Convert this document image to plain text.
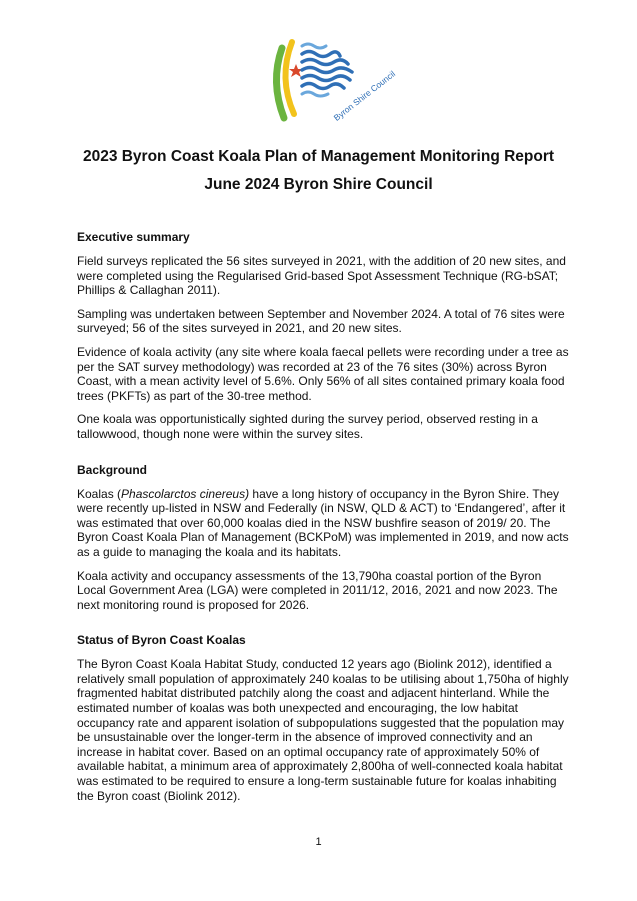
Byron Shire Council
2023 Byron Coast Koala Plan of Management Monitoring Report
June 2024 Byron Shire Council
Executive summary

Field surveys replicated the 56 sites surveyed in 2021, with the addition of 20 new sites, and were completed using the Regularised Grid-based Spot Assessment Technique (RG-bSAT; Phillips & Callaghan 2011).

Sampling was undertaken between September and November 2024. A total of 76 sites were surveyed; 56 of the sites surveyed in 2021, and 20 new sites.

Evidence of koala activity (any site where koala faecal pellets were recording under a tree as per the SAT survey methodology) was recorded at 23 of the 76 sites (30%) across Byron Coast, with a mean activity level of 5.6%. Only 56% of all sites contained primary koala food trees (PKFTs) as part of the 30-tree method.

One koala was opportunistically sighted during the survey period, observed resting in a tallowwood, though none were within the survey sites.

Background

Koalas (Phascolarctos cinereus) have a long history of occupancy in the Byron Shire. They were recently up-listed in NSW and Federally (in NSW, QLD & ACT) to ‘Endangered’, after it was estimated that over 60,000 koalas died in the NSW bushfire season of 2019/ 20. The Byron Coast Koala Plan of Management (BCKPoM) was implemented in 2019, and now acts as a guide to managing the koala and its habitats.

Koala activity and occupancy assessments of the 13,790ha coastal portion of the Byron Local Government Area (LGA) were completed in 2011/12, 2016, 2021 and now 2023. The next monitoring round is proposed for 2026.

Status of Byron Coast Koalas

The Byron Coast Koala Habitat Study, conducted 12 years ago (Biolink 2012), identified a relatively small population of approximately 240 koalas to be utilising about 1,750ha of highly fragmented habitat distributed patchily along the coast and adjacent hinterland. While the estimated number of koalas was both unexpected and encouraging, the low habitat occupancy rate and apparent isolation of subpopulations suggested that the population may be unsustainable over the longer-term in the absence of improved connectivity and an increase in habitat cover. Based on an optimal occupancy rate of approximately 50% of available habitat, a minimum area of approximately 2,800ha of well-connected koala habitat was estimated to be required to ensure a long-term sustainable future for koalas inhabiting the Byron coast (Biolink 2012).

1
